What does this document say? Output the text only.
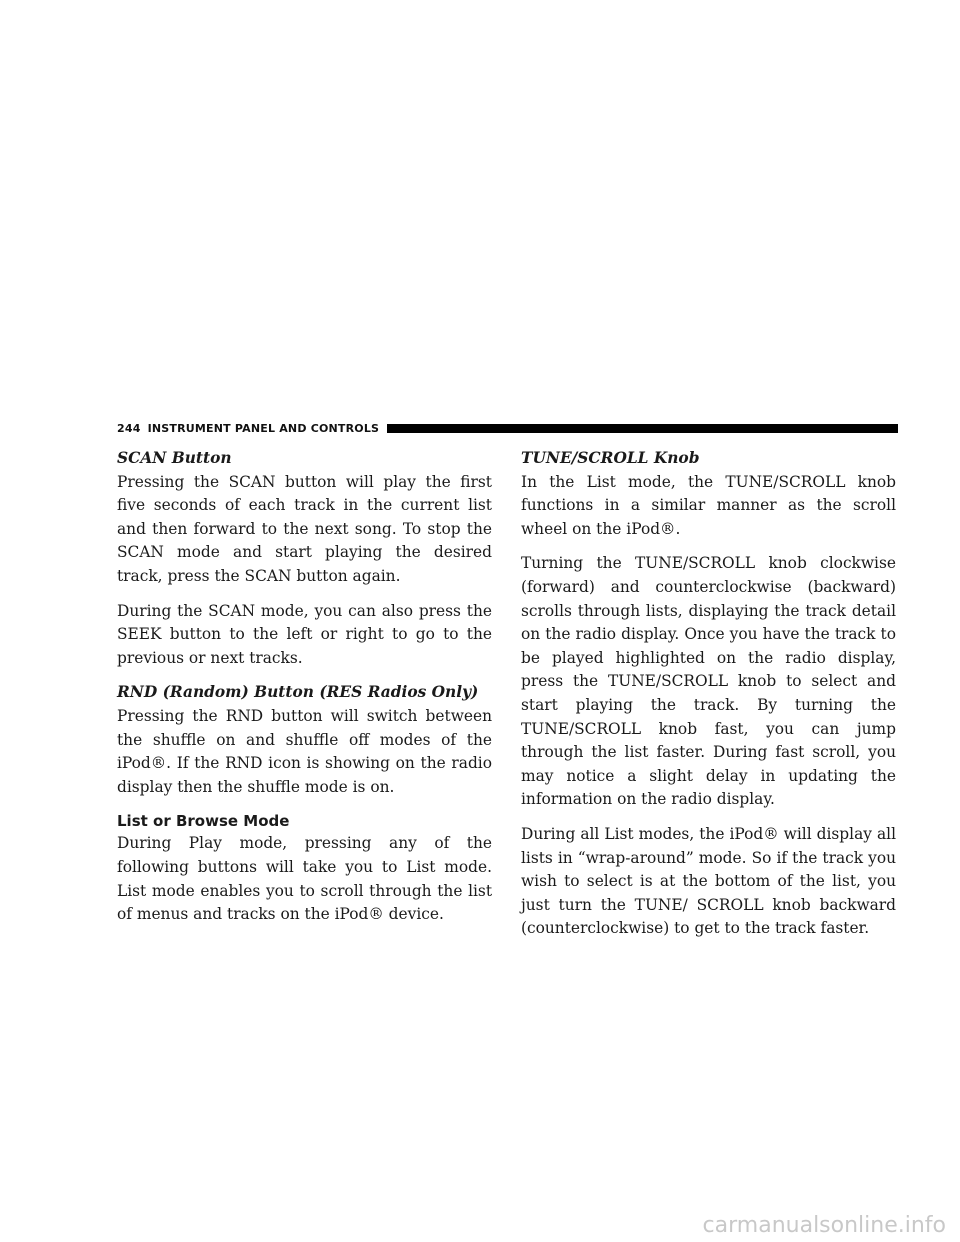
244 INSTRUMENT PANEL AND CONTROLS

SCAN Button

Pressing the SCAN button will play the first five seconds of each track in the current list and then forward to the next song. To stop the SCAN mode and start playing the desired track, press the SCAN button again.

During the SCAN mode, you can also press the SEEK button to the left or right to go to the previous or next tracks.

RND (Random) Button (RES Radios Only)

Pressing the RND button will switch between the shuffle on and shuffle off modes of the iPod®. If the RND icon is showing on the radio display then the shuffle mode is on.

List or Browse Mode

During Play mode, pressing any of the following buttons will take you to List mode. List mode enables you to scroll through the list of menus and tracks on the iPod® device.

TUNE/SCROLL Knob

In the List mode, the TUNE/SCROLL knob functions in a similar manner as the scroll wheel on the iPod®.

Turning the TUNE/SCROLL knob clockwise (forward) and counterclockwise (backward) scrolls through lists, displaying the track detail on the radio display. Once you have the track to be played highlighted on the radio display, press the TUNE/SCROLL knob to select and start playing the track. By turning the TUNE/SCROLL knob fast, you can jump through the list faster. During fast scroll, you may notice a slight delay in updating the information on the radio display.

During all List modes, the iPod® will display all lists in “wrap-around” mode. So if the track you wish to select is at the bottom of the list, you just turn the TUNE/ SCROLL knob backward (counterclockwise) to get to the track faster.

carmanualsonline.info
